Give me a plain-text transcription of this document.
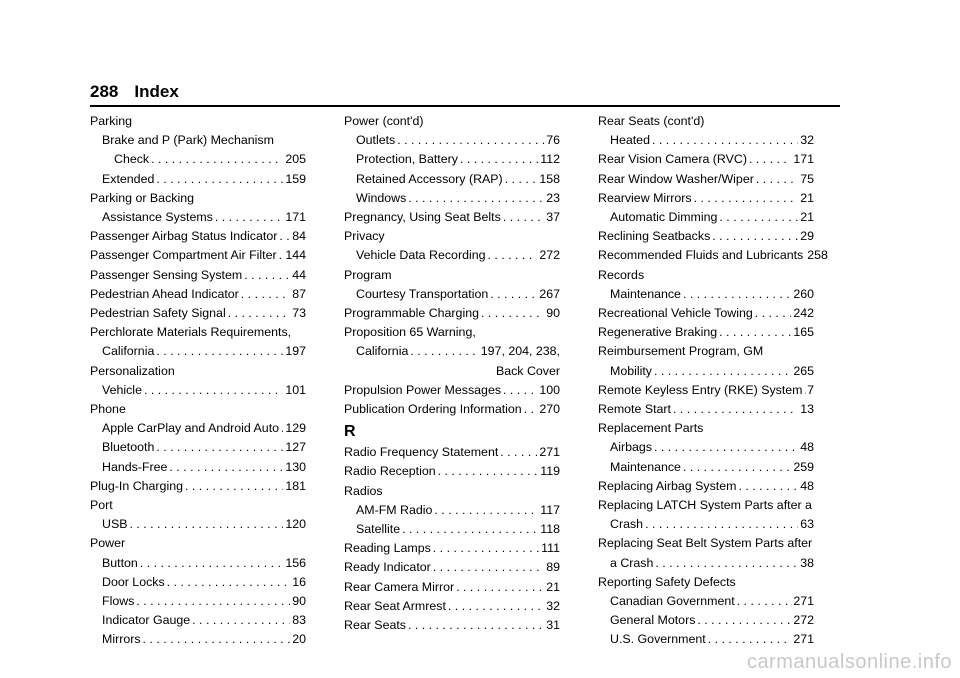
288 Index
Parking
Brake and P (Park) Mechanism
Check . . .	205
Extended . . .	159
Parking or Backing
Assistance Systems . . .	171
Passenger Airbag Status Indicator . . . 84
Passenger Compartment Air Filter . . . 144
Passenger Sensing System . . .	44
Pedestrian Ahead Indicator . . .	87
Pedestrian Safety Signal . . .	73
Perchlorate Materials Requirements,
California . . .	197
Personalization
Vehicle . . .	101
Phone
Apple CarPlay and Android Auto . . . 129
Bluetooth . . .	127
Hands-Free . . .	130
Plug-In Charging . . .	181
Port
USB . . .	120
Power
Button . . .	156
Door Locks . . .	16
Flows . . .	90
Indicator Gauge . . .	83
Mirrors . . .	20
Power (cont'd)
Outlets . . .	76
Protection, Battery . . .	112
Retained Accessory (RAP) . . .	158
Windows . . .	23
Pregnancy, Using Seat Belts . . .	37
Privacy
Vehicle Data Recording . . .	272
Program
Courtesy Transportation . . .	267
Programmable Charging . . .	90
Proposition 65 Warning,
California . . .	197, 204, 238,
Back Cover
Propulsion Power Messages . . .	100
Publication Ordering Information . . . 270
R
Radio Frequency Statement . . .	271
Radio Reception . . .	119
Radios
AM-FM Radio . . .	117
Satellite . . .	118
Reading Lamps . . .	111
Ready Indicator . . .	89
Rear Camera Mirror . . .	21
Rear Seat Armrest . . .	32
Rear Seats . . .	31
Rear Seats (cont'd)
Heated . . .	32
Rear Vision Camera (RVC) . . .	171
Rear Window Washer/Wiper . . .	75
Rearview Mirrors . . .	21
Automatic Dimming . . .	21
Reclining Seatbacks . . .	29
Recommended Fluids and Lubricants 258
Records
Maintenance . . .	260
Recreational Vehicle Towing . . .	242
Regenerative Braking . . .	165
Reimbursement Program, GM
Mobility . . .	265
Remote Keyless Entry (RKE) System . . . 7
Remote Start . . .	13
Replacement Parts
Airbags . . .	48
Maintenance . . .	259
Replacing Airbag System . . .	48
Replacing LATCH System Parts after a
Crash . . .	63
Replacing Seat Belt System Parts after
a Crash . . .	38
Reporting Safety Defects
Canadian Government . . .	271
General Motors . . .	272
U.S. Government . . .	271
carmanualsonline.info
